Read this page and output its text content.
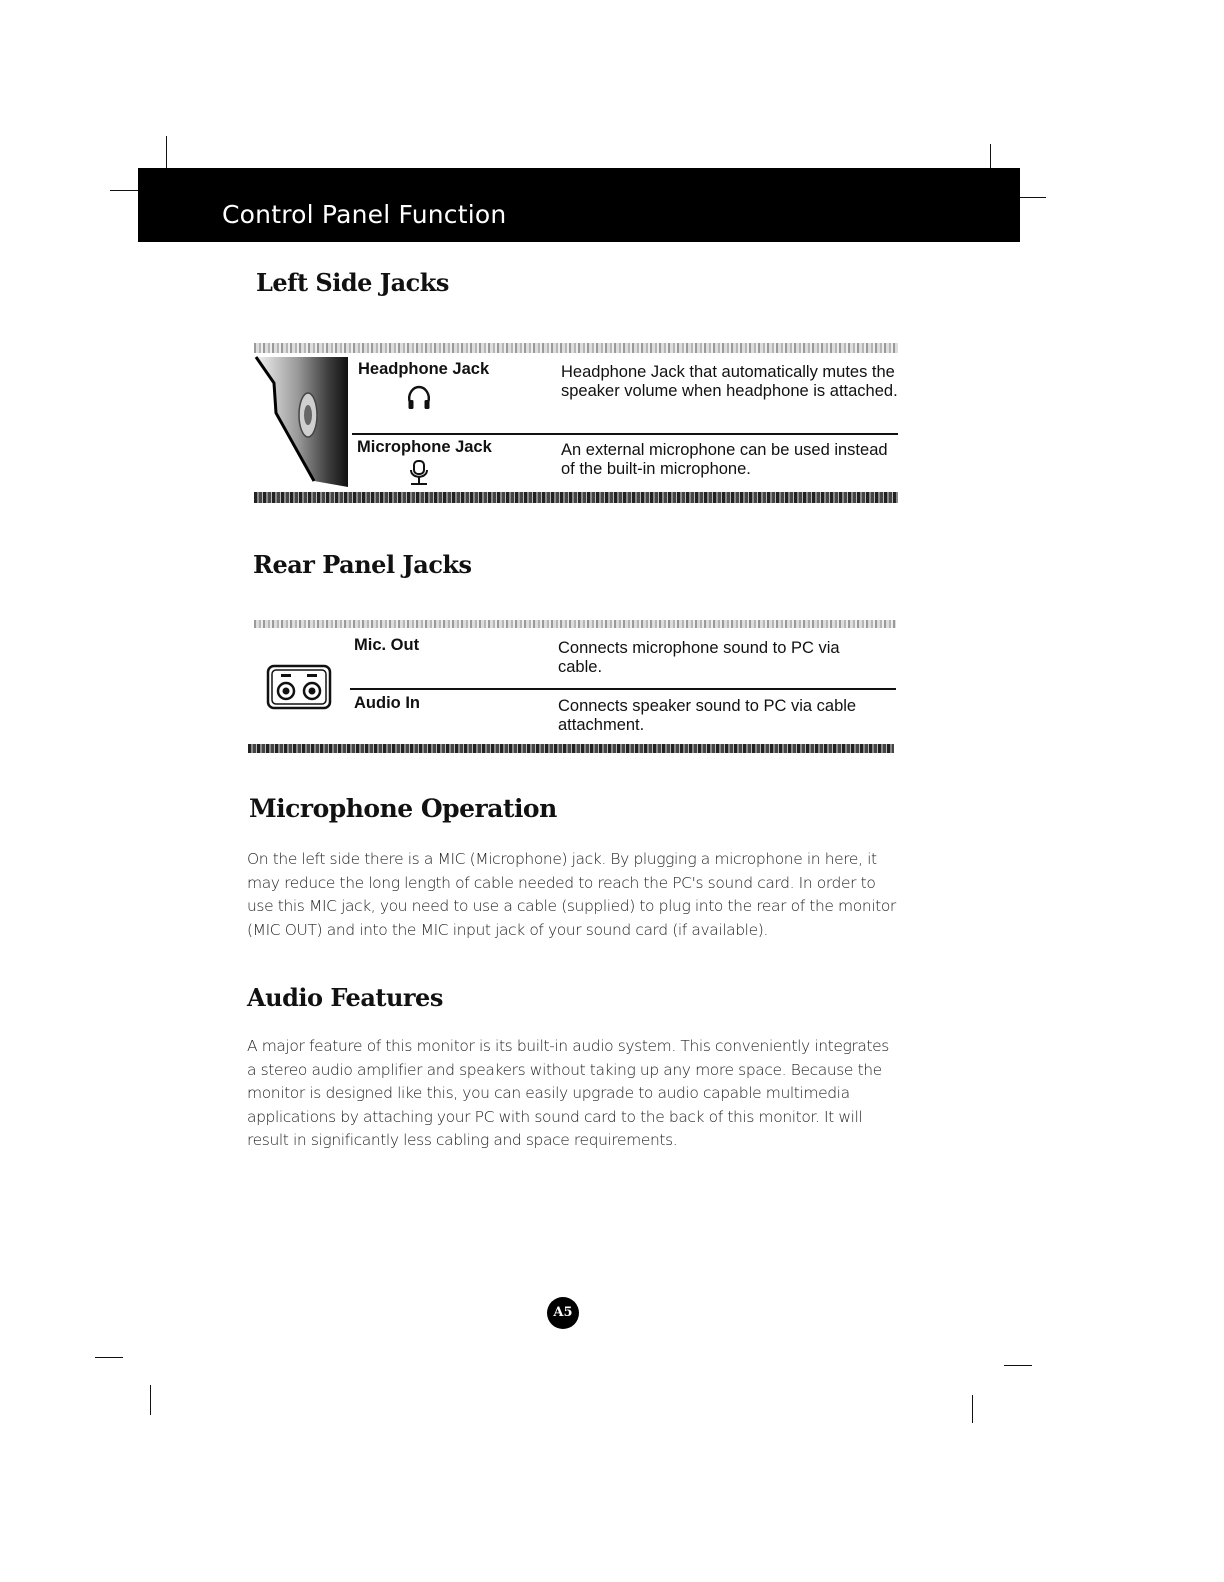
Control Panel Function
Left Side Jacks
Headphone Jack	Headphone Jack that automatically mutes the speaker volume when headphone is attached.
Microphone Jack	An external microphone can be used instead of the built-in microphone.
Rear Panel Jacks
Mic. Out	Connects microphone sound to PC via cable.
Audio In	Connects speaker sound to PC via cable attachment.
Microphone Operation

On the left side there is a MIC (Microphone) jack. By plugging a microphone in here, it may reduce the long length of cable needed to reach the PC's sound card. In order to use this MIC jack, you need to use a cable (supplied) to plug into the rear of the monitor (MIC OUT) and into the MIC input jack of your sound card (if available).

Audio Features

A major feature of this monitor is its built-in audio system. This conveniently integrates a stereo audio amplifier and speakers without taking up any more space. Because the monitor is designed like this, you can easily upgrade to audio capable multimedia applications by attaching your PC with sound card to the back of this monitor. It will result in significantly less cabling and space requirements.

A5
